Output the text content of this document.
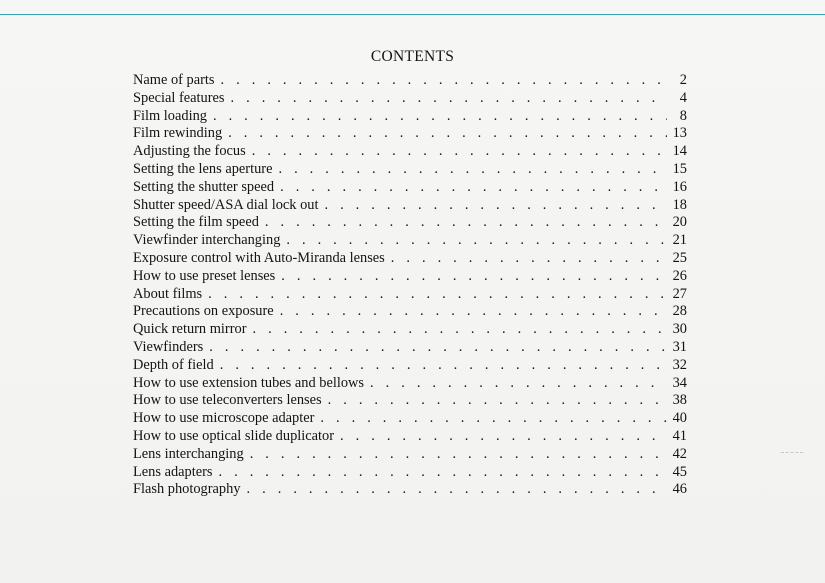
CONTENTS
Name of parts . . .	2
Special features . . .	4
Film loading . . .	8
Film rewinding . . .	13
Adjusting the focus . . .	14
Setting the lens aperture . . .	15
Setting the shutter speed . . .	16
Shutter speed/ASA dial lock out . . .	18
Setting the film speed . . .	20
Viewfinder interchanging . . .	21
Exposure control with Auto-Miranda lenses . . .	25
How to use preset lenses . . .	26
About films . . .	27
Precautions on exposure . . .	28
Quick return mirror . . .	30
Viewfinders . . .	31
Depth of field . . .	32
How to use extension tubes and bellows . . .	34
How to use teleconverters lenses . . .	38
How to use microscope adapter . . .	40
How to use optical slide duplicator . . .	41
Lens interchanging . . .	42
Lens adapters . . .	45
Flash photography . . .	46
